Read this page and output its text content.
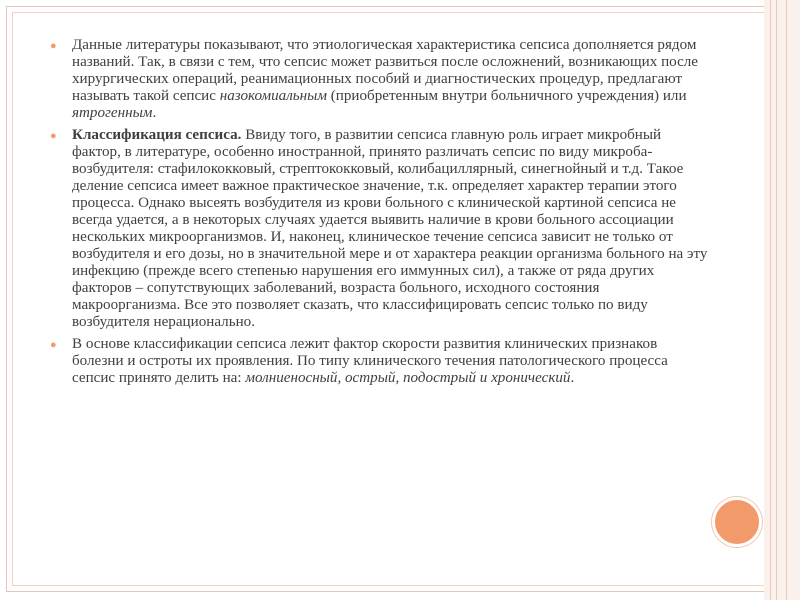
● Данные литературы показывают, что этиологическая характеристика сепсиса дополняется рядом названий. Так, в связи с тем, что сепсис может развиться после осложнений, возникающих после хирургических операций, реанимационных пособий и диагностических процедур, предлагают называть такой сепсис назокомиальным (приобретенным внутри больничного учреждения) или ятрогенным.
● Классификация сепсиса. Ввиду того, в развитии сепсиса главную роль играет микробный фактор, в литературе, особенно иностранной, принято различать сепсис по виду микроба-возбудителя: стафилококковый, стрептококковый, колибациллярный, синегнойный и т.д. Такое деление сепсиса имеет важное практическое значение, т.к. определяет характер терапии этого процесса. Однако высеять возбудителя из крови больного с клинической картиной сепсиса не всегда удается, а в некоторых случаях удается выявить наличие в крови больного ассоциации нескольких микроорганизмов. И, наконец, клиническое течение сепсиса зависит не только от возбудителя и его дозы, но в значительной мере и от характера реакции организма больного на эту инфекцию (прежде всего степенью нарушения его иммунных сил), а также от ряда других факторов – сопутствующих заболеваний, возраста больного, исходного состояния макроорганизма. Все это позволяет сказать, что классифицировать сепсис только по виду возбудителя нерационально.
● В основе классификации сепсиса лежит фактор скорости развития клинических признаков болезни и остроты их проявления. По типу клинического течения патологического процесса сепсис принято делить на: молниеносный, острый, подострый и хронический.
